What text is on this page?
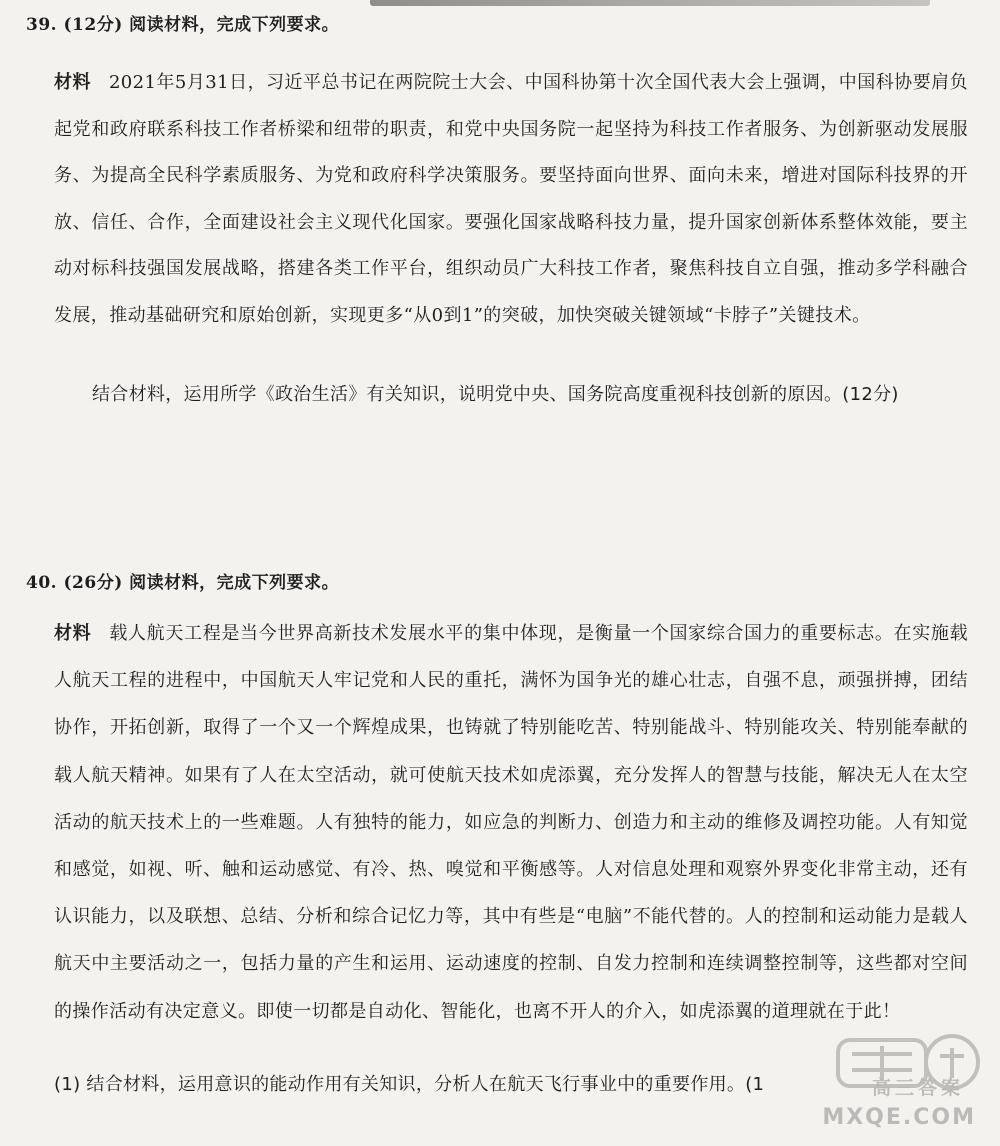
39. (12分) 阅读材料，完成下列要求。
材料 2021年5月31日，习近平总书记在两院院士大会、中国科协第十次全国代表大会上强调，中国科协要肩负起党和政府联系科技工作者桥梁和纽带的职责，和党中央国务院一起坚持为科技工作者服务、为创新驱动发展服务、为提高全民科学素质服务、为党和政府科学决策服务。要坚持面向世界、面向未来，增进对国际科技界的开放、信任、合作，全面建设社会主义现代化国家。要强化国家战略科技力量，提升国家创新体系整体效能，要主动对标科技强国发展战略，搭建各类工作平台，组织动员广大科技工作者，聚焦科技自立自强，推动多学科融合发展，推动基础研究和原始创新，实现更多“从0到1”的突破，加快突破关键领域“卡脖子”关键技术。
结合材料，运用所学《政治生活》有关知识，说明党中央、国务院高度重视科技创新的原因。(12分)
40. (26分) 阅读材料，完成下列要求。
材料 载人航天工程是当今世界高新技术发展水平的集中体现，是衡量一个国家综合国力的重要标志。在实施载人航天工程的进程中，中国航天人牢记党和人民的重托，满怀为国争光的雄心壮志，自强不息，顽强拼搏，团结协作，开拓创新，取得了一个又一个辉煌成果，也铸就了特别能吃苦、特别能战斗、特别能攻关、特别能奉献的载人航天精神。如果有了人在太空活动，就可使航天技术如虎添翼，充分发挥人的智慧与技能，解决无人在太空活动的航天技术上的一些难题。人有独特的能力，如应急的判断力、创造力和主动的维修及调控功能。人有知觉和感觉，如视、听、触和运动感觉、有冷、热、嗅觉和平衡感等。人对信息处理和观察外界变化非常主动，还有认识能力，以及联想、总结、分析和综合记忆力等，其中有些是“电脑”不能代替的。人的控制和运动能力是载人航天中主要活动之一，包括力量的产生和运用、运动速度的控制、自发力控制和连续调整控制等，这些都对空间的操作活动有决定意义。即使一切都是自动化、智能化，也离不开人的介入，如虎添翼的道理就在于此！
(1) 结合材料，运用意识的能动作用有关知识，分析人在航天飞行事业中的重要作用。(1	高三答案
MXQE.COM
